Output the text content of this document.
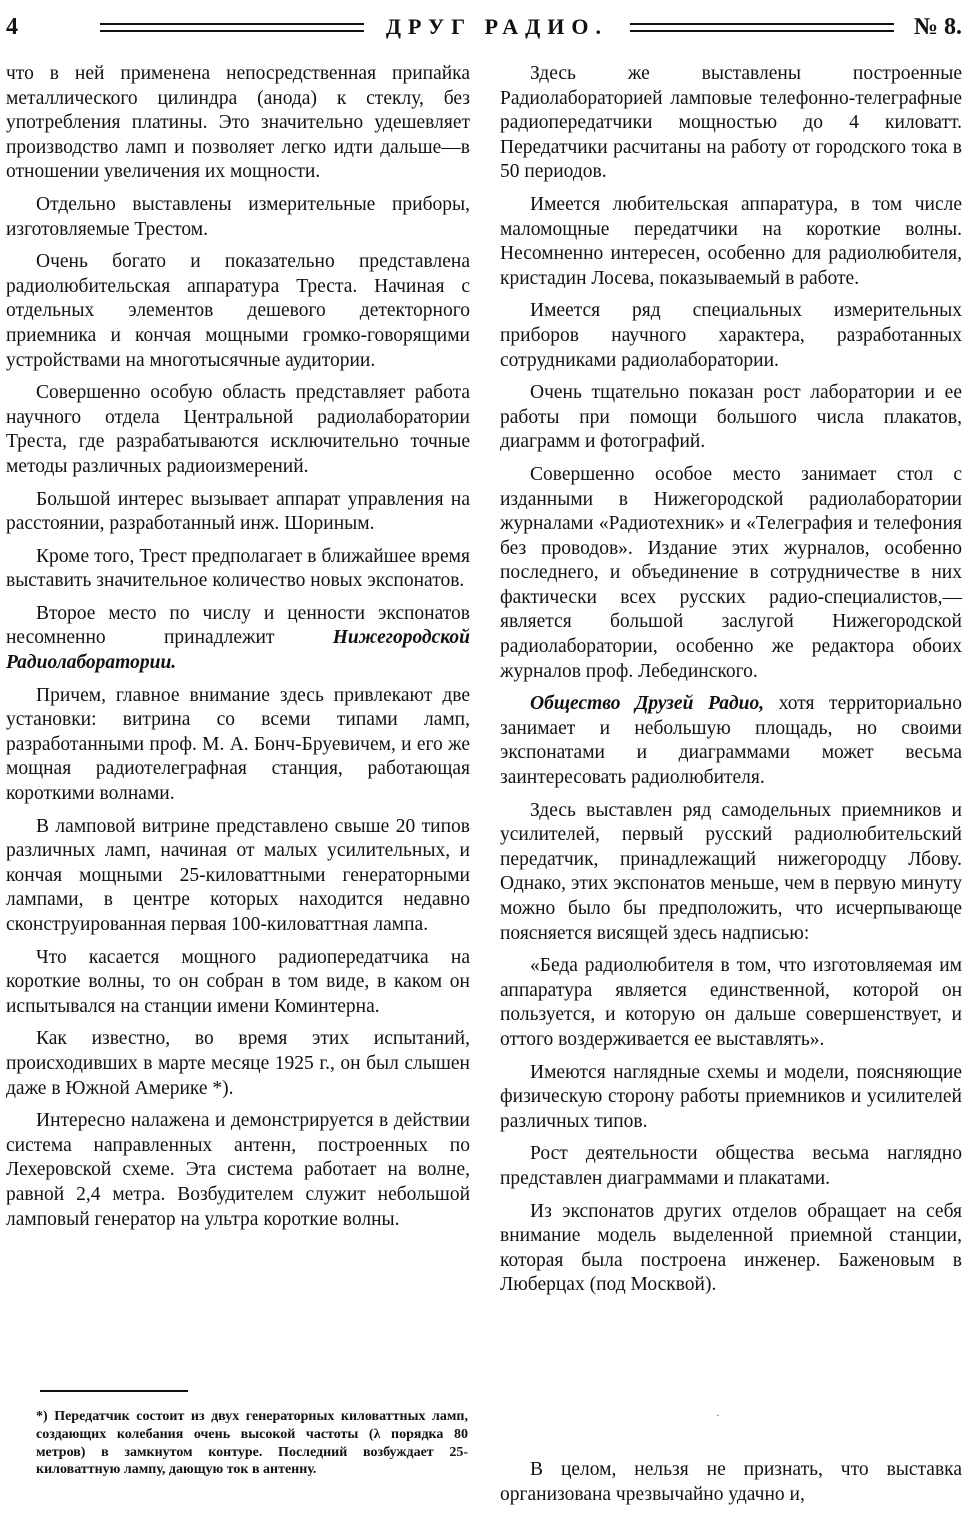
4	ДРУГ РАДИО.	№ 8.

что в ней применена непосредственная припайка металлического цилиндра (анода) к стеклу, без употребления платины. Это значительно удешевляет производство ламп и позволяет легко идти дальше—в отношении увеличения их мощности.

Отдельно выставлены измерительные приборы, изготовляемые Трестом.

Очень богато и показательно представлена радиолюбительская аппаратура Треста. Начиная с отдельных элементов дешевого детекторного приемника и кончая мощными громко-говорящими устройствами на многотысячные аудитории.

Совершенно особую область представляет работа научного отдела Центральной радиолаборатории Треста, где разрабатываются исключительно точные методы различных радиоизмерений.

Большой интерес вызывает аппарат управления на расстоянии, разработанный инж. Шориным.

Кроме того, Трест предполагает в ближайшее время выставить значительное количество новых экспонатов.

Второе место по числу и ценности экспонатов несомненно принадлежит	Нижегородской Радиолаборатории.

Причем, главное внимание здесь привлекают две установки: витрина со всеми типами ламп, разработанными проф. М. А. Бонч-Бруевичем, и его же мощная радиотелеграфная станция, работающая короткими волнами.

В ламповой витрине представлено свыше 20 типов различных ламп, начиная от малых усилительных, и кончая мощными 25-киловаттными генераторными лампами, в центре которых находится недавно сконструированная первая 100-киловаттная лампа.

Что касается мощного радиопередатчика на короткие волны, то он собран в том виде, в каком он испытывался на станции имени Коминтерна.

Как известно, во время этих испытаний, происходивших в марте месяце 1925 г., он был слышен даже в Южной Америке *).

Интересно налажена и демонстрируется в действии система направленных антенн, построенных по Лехеровской схеме. Эта система работает на волне, равной 2,4 метра. Возбудителем служит небольшой ламповый генератор на ультра короткие волны.

*) Передатчик состоит из двух генераторных киловаттных ламп, создающих колебания очень высокой частоты (λ порядка 80 метров) в замкнутом контуре. Последний возбуждает 25-киловаттную лампу, дающую ток в антенну.

Здесь же выставлены построенные Радиолабораторией ламповые телефонно-телеграфные радиопередатчики мощностью до 4 киловатт. Передатчики расчитаны на работу от городского тока в 50 периодов.

Имеется любительская аппаратура, в том числе маломощные передатчики на короткие волны. Несомненно интересен, особенно для радиолюбителя, кристадин Лосева, показываемый в работе.

Имеется ряд специальных измерительных приборов научного характера, разработанных сотрудниками радиолаборатории.

Очень тщательно показан рост лаборатории и ее работы при помощи большого числа плакатов, диаграмм и фотографий.

Совершенно особое место занимает стол с изданными в Нижегородской радиолаборатории журналами «Радиотехник» и «Телеграфия и телефония без проводов». Издание этих журналов, особенно последнего, и объединение в сотрудничестве в них фактически всех русских радио-специалистов,—является большой заслугой Нижегородской радиолаборатории, особенно же редактора обоих журналов проф. Лебединского.

Общество Друзей Радио, хотя территориально занимает и небольшую площадь, но своими экспонатами и диаграммами может весьма заинтересовать радиолюбителя.

Здесь выставлен ряд самодельных приемников и усилителей, первый русский радиолюбительский передатчик, принадлежащий нижегородцу Лбову. Однако, этих экспонатов меньше, чем в первую минуту можно было бы предположить, что исчерпывающе поясняется висящей здесь надписью:

«Беда радиолюбителя в том, что изготовляемая им аппаратура является единственной, которой он пользуется, и которую он дальше совершенствует, и оттого воздерживается ее выставлять».

Имеются наглядные схемы и модели, поясняющие физическую сторону работы приемников и усилителей различных типов.

Рост деятельности общества весьма наглядно представлен диаграммами и плакатами.

Из экспонатов других отделов обращает на себя внимание модель выделенной приемной станции, которая была построена инженер. Баженовым в Люберцах (под Москвой).

·
В целом, нельзя не признать, что выставка организована чрезвычайно удачно и,
